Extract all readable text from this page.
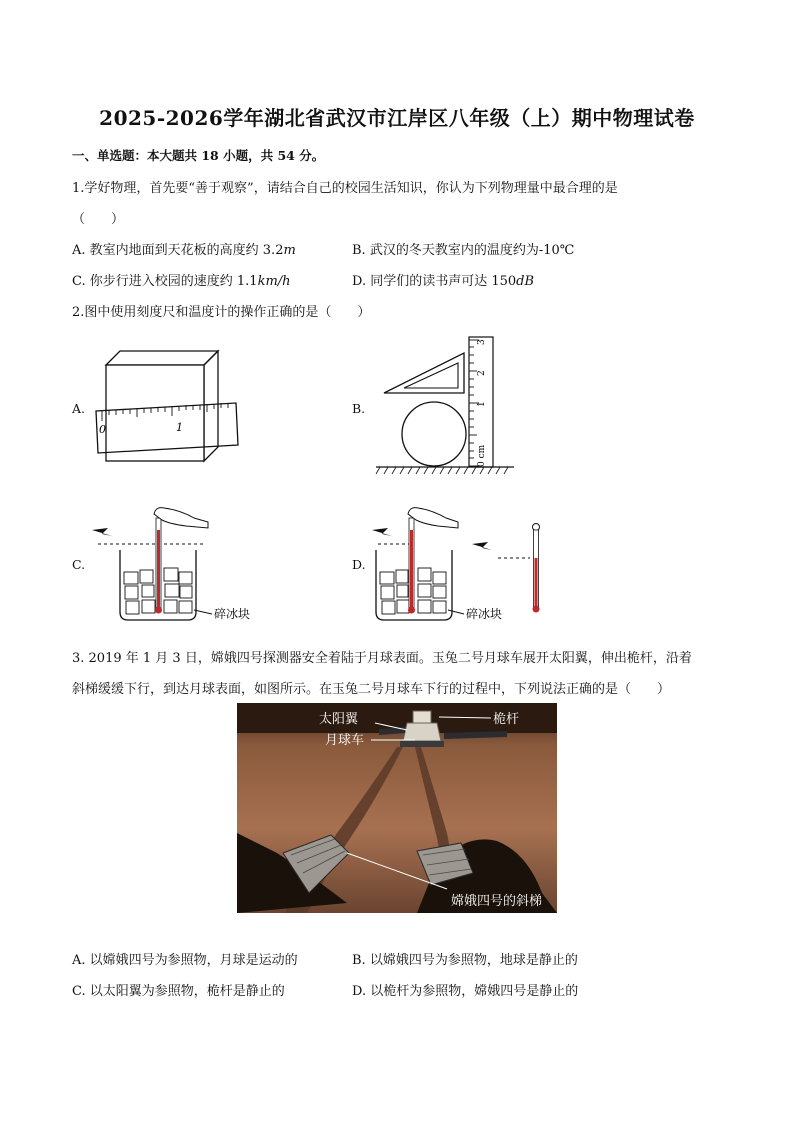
2025-2026学年湖北省武汉市江岸区八年级（上）期中物理试卷
一、单选题：本大题共 18 小题，共 54 分。
1.学好物理，首先要“善于观察”，请结合自己的校园生活知识，你认为下列物理量中最合理的是
（　　）
A. 教室内地面到天花板的高度约 3.2m	B. 武汉的冬天教室内的温度约为-10℃
C. 你步行进入校园的速度约 1.1km/h	D. 同学们的读书声可达 150dB
2.图中使用刻度尺和温度计的操作正确的是（　　）
A.
0	1
B.
0 cm
1
2
3
C.
碎冰块
D.
碎冰块
3. 2019 年 1 月 3 日，嫦娥四号探测器安全着陆于月球表面。玉兔二号月球车展开太阳翼，伸出桅杆，沿着
斜梯缓缓下行，到达月球表面，如图所示。在玉兔二号月球车下行的过程中，下列说法正确的是（　　）
太阳翼	桅杆
月球车
嫦娥四号的斜梯
A. 以嫦娥四号为参照物，月球是运动的	B. 以嫦娥四号为参照物，地球是静止的
C. 以太阳翼为参照物，桅杆是静止的	D. 以桅杆为参照物，嫦娥四号是静止的
